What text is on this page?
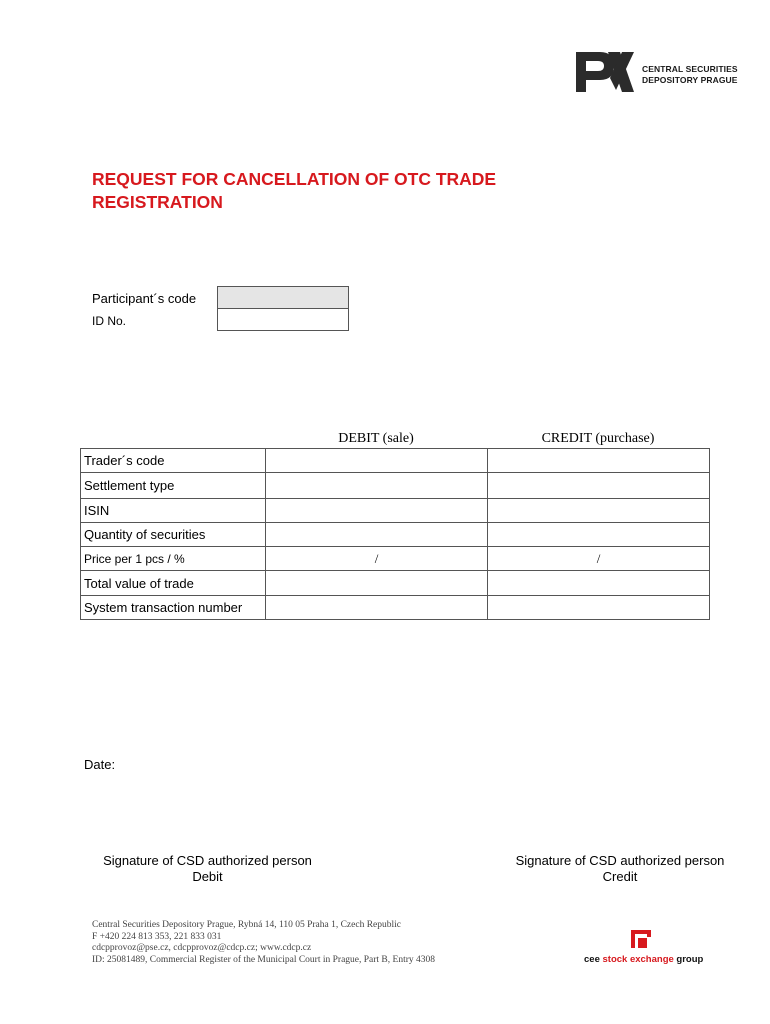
CENTRAL SECURITIES
DEPOSITORY PRAGUE
REQUEST FOR CANCELLATION OF OTC TRADE
REGISTRATION
Participant´s code
ID No.
DEBIT (sale)	CREDIT (purchase)
Trader´s code		
Settlement type		
ISIN		
Quantity of securities		
Price per 1 pcs / %	/	/
Total value of trade		
System transaction number		
Date:
Signature of CSD authorized person
Debit
Signature of CSD authorized person
Credit
Central Securities Depository Prague, Rybná 14, 110 05 Praha 1, Czech Republic
F +420 224 813 353, 221 833 031
cdcpprovoz@pse.cz, cdcpprovoz@cdcp.cz; www.cdcp.cz
ID: 25081489, Commercial Register of the Municipal Court in Prague, Part B, Entry 4308	cee stock exchange group
